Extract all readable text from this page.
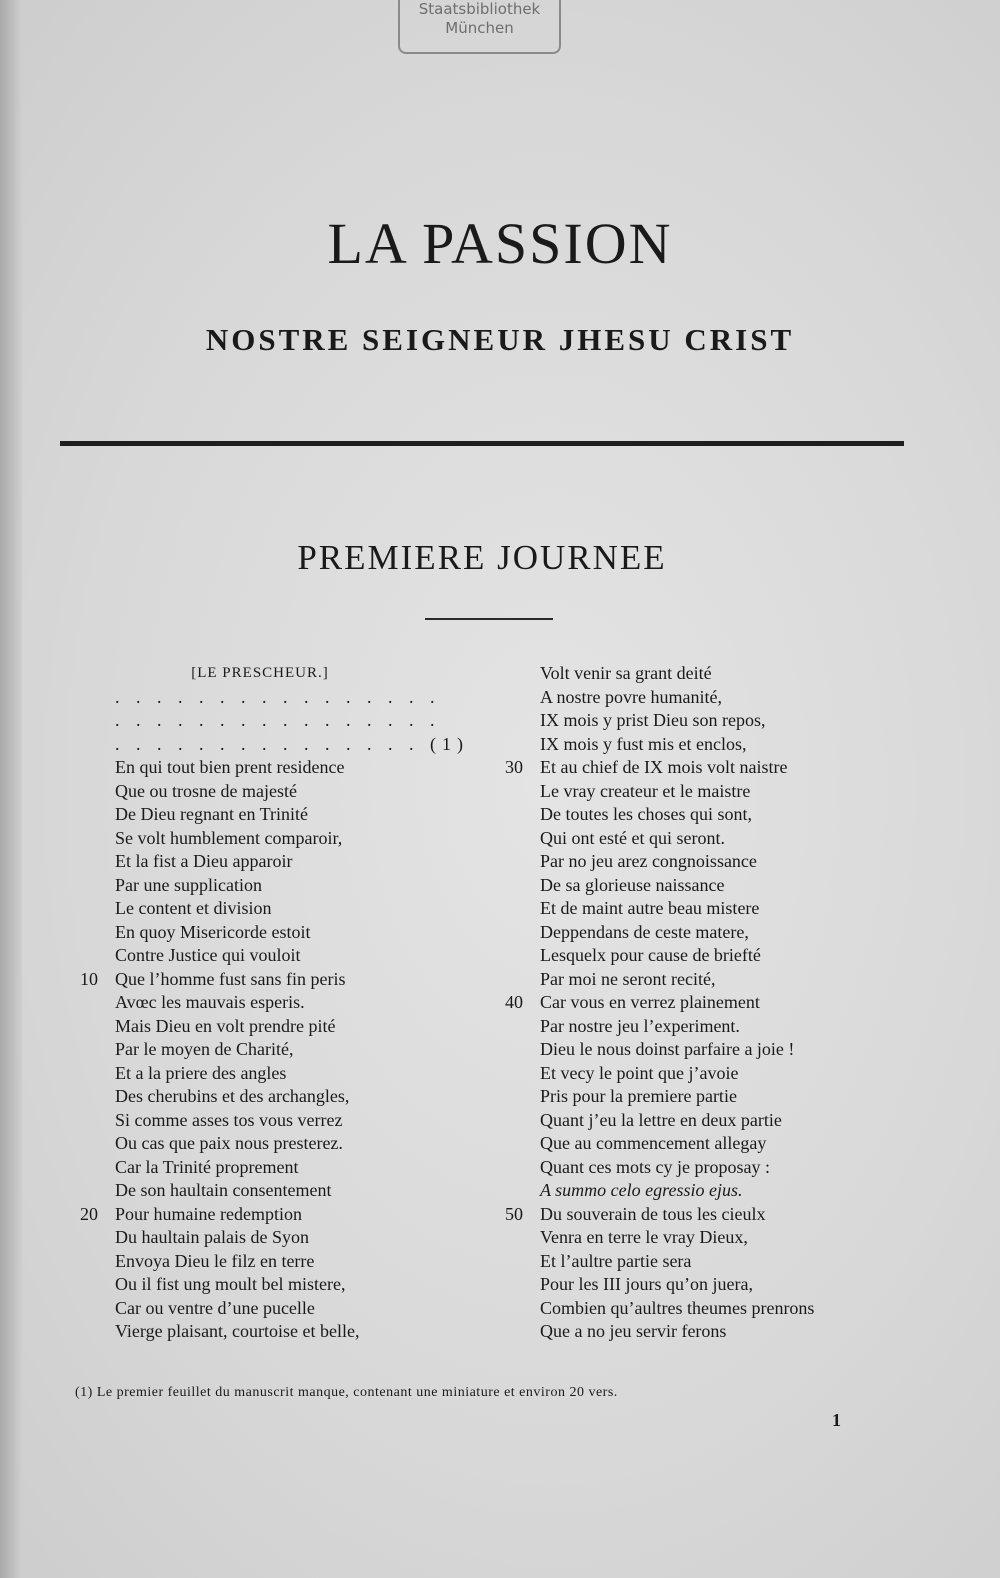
Staatsbibliothek
München
LA PASSION
NOSTRE SEIGNEUR JHESU CRIST
PREMIERE JOURNEE
[LE PRESCHEUR.]
. . . . . . . . . . . . . . . .
. . . . . . . . . . . . . . . .
. . . . . . . . . . . . . . . (1)
En qui tout bien prent residence
Que ou trosne de majesté
De Dieu regnant en Trinité
Se volt humblement comparoir,
Et la fist a Dieu apparoir
Par une supplication
Le content et division
En quoy Misericorde estoit
Contre Justice qui vouloit
10 Que l’homme fust sans fin peris
Avœc les mauvais esperis.
Mais Dieu en volt prendre pité
Par le moyen de Charité,
Et a la priere des angles
Des cherubins et des archangles,
Si comme asses tos vous verrez
Ou cas que paix nous presterez.
Car la Trinité proprement
De son haultain consentement
20 Pour humaine redemption
Du haultain palais de Syon
Envoya Dieu le filz en terre
Ou il fist ung moult bel mistere,
Car ou ventre d’une pucelle
Vierge plaisant, courtoise et belle,
Volt venir sa grant deité
A nostre povre humanité,
IX mois y prist Dieu son repos,
IX mois y fust mis et enclos,
30 Et au chief de IX mois volt naistre
Le vray createur et le maistre
De toutes les choses qui sont,
Qui ont esté et qui seront.
Par no jeu arez congnoissance
De sa glorieuse naissance
Et de maint autre beau mistere
Deppendans de ceste matere,
Lesquelx pour cause de briefté
Par moi ne seront recité,
40 Car vous en verrez plainement
Par nostre jeu l’experiment.
Dieu le nous doinst parfaire a joie !
Et vecy le point que j’avoie
Pris pour la premiere partie
Quant j’eu la lettre en deux partie
Que au commencement allegay
Quant ces mots cy je proposay :
A summo celo egressio ejus.
50 Du souverain de tous les cieulx
Venra en terre le vray Dieux,
Et l’aultre partie sera
Pour les III jours qu’on juera,
Combien qu’aultres theumes prenrons
Que a no jeu servir ferons
(1) Le premier feuillet du manuscrit manque, contenant une miniature et environ 20 vers.
1
